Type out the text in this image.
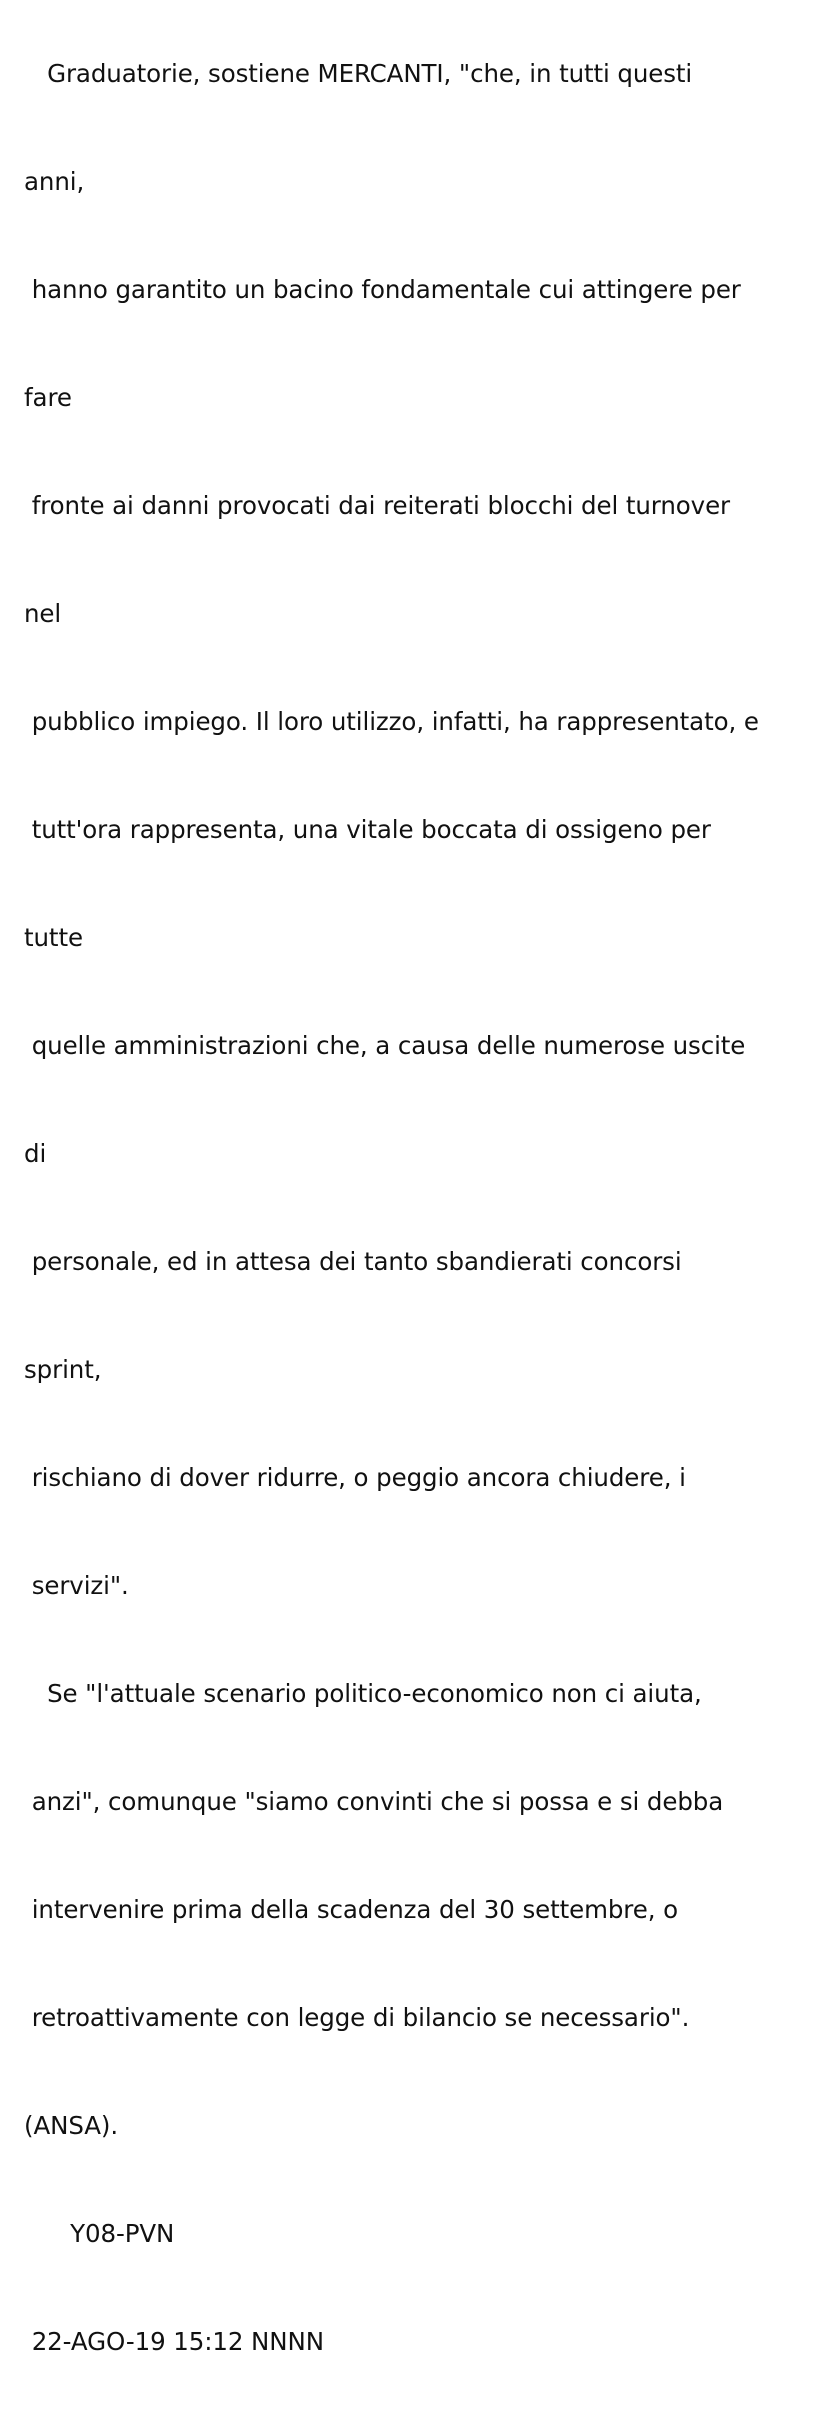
Graduatorie, sostiene MERCANTI, "che, in tutti questi

anni,

hanno garantito un bacino fondamentale cui attingere per

fare

fronte ai danni provocati dai reiterati blocchi del turnover

nel

pubblico impiego. Il loro utilizzo, infatti, ha rappresentato, e

tutt'ora rappresenta, una vitale boccata di ossigeno per

tutte

quelle amministrazioni che, a causa delle numerose uscite

di

personale, ed in attesa dei tanto sbandierati concorsi

sprint,

rischiano di dover ridurre, o peggio ancora chiudere, i

servizi".

Se "l'attuale scenario politico-economico non ci aiuta,

anzi", comunque "siamo convinti che si possa e si debba

intervenire prima della scadenza del 30 settembre, o

retroattivamente con legge di bilancio se necessario".

(ANSA).

Y08-PVN

22-AGO-19 15:12 NNNN
